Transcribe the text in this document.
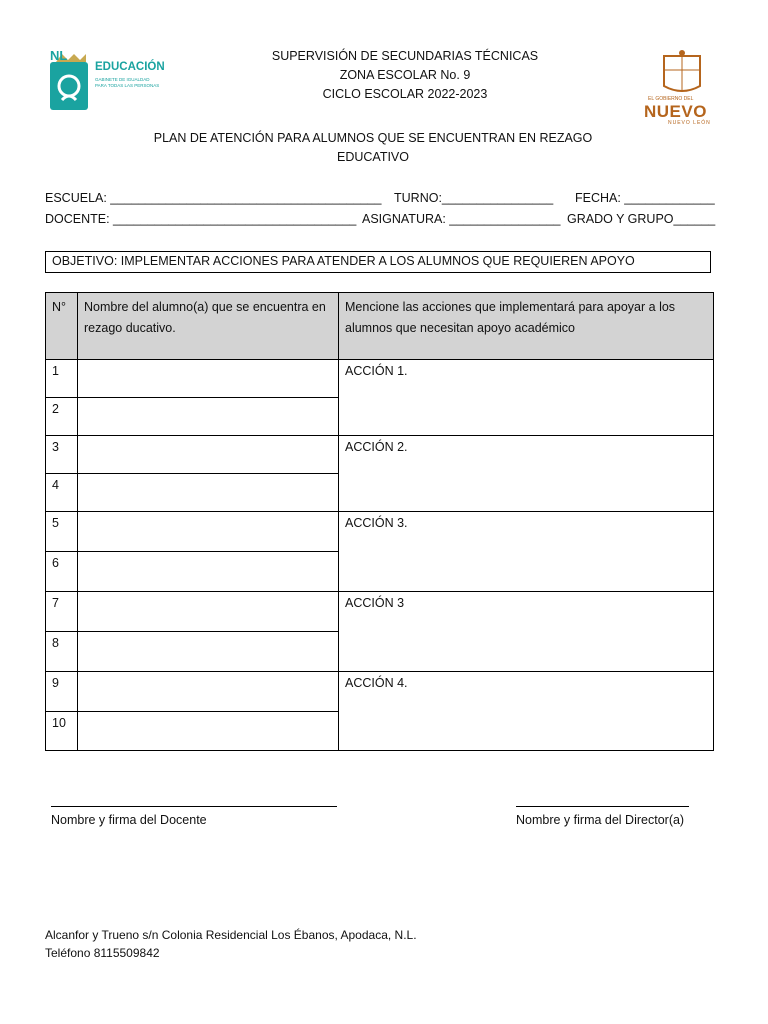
NL
EDUCACIÓN
GABINETE DE IGUALDAD
PARA TODAS LAS PERSONAS
EL GOBIERNO DEL
NUEVO
NUEVO LEÓN
SUPERVISIÓN DE SECUNDARIAS TÉCNICAS
ZONA ESCOLAR No. 9
CICLO ESCOLAR 2022-2023
PLAN DE ATENCIÓN PARA ALUMNOS QUE SE ENCUENTRAN EN REZAGO
EDUCATIVO
ESCUELA: _______________________________________ TURNO:________________ FECHA: _____________
DOCENTE: ___________________________________ ASIGNATURA: ________________ GRADO Y GRUPO______
OBJETIVO: IMPLEMENTAR ACCIONES PARA ATENDER A LOS ALUMNOS QUE REQUIEREN APOYO
N°	Nombre del alumno(a) que se encuentra en rezago ducativo.	Mencione las acciones que implementará para apoyar a los alumnos que necesitan apoyo académico
1		ACCIÓN 1.
2		
3		ACCIÓN 2.
4		
5		ACCIÓN 3.
6		
7		ACCIÓN 3
8		
9		ACCIÓN 4.
10		
Nombre y firma del Docente	Nombre y firma del Director(a)
Alcanfor y Trueno s/n Colonia Residencial Los Ébanos, Apodaca, N.L.
Teléfono 8115509842
